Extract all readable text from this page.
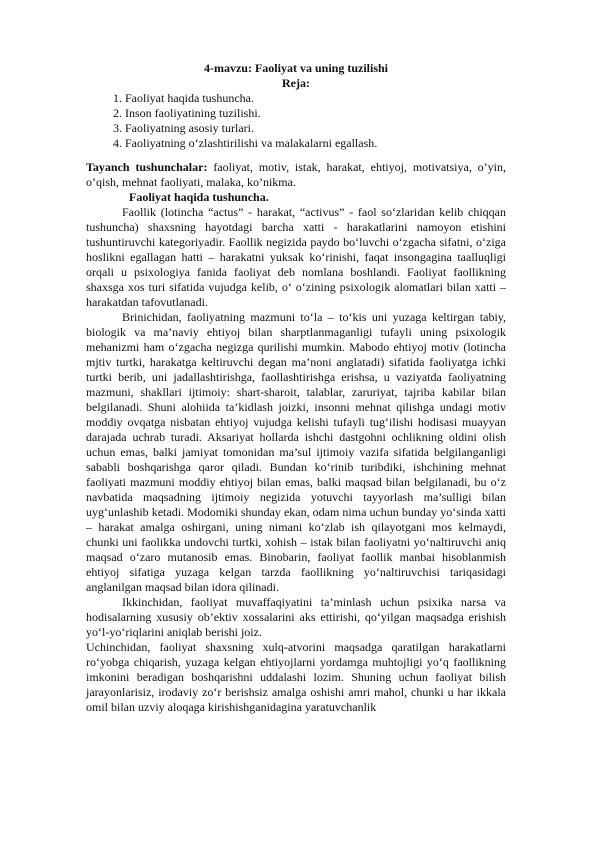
4-mavzu: Faoliyat va uning tuzilishi

Reja:

1. Faoliyat haqida tushuncha.
2. Inson faoliyatining tuzilishi.
3. Faoliyatning asosiy turlari.
4. Faoliyatning o‘zlashtirilishi va malakalarni egallash.

Tayanch tushunchalar: faoliyat, motiv, istak, harakat, ehtiyoj, motivatsiya, o’yin, o’qish, mehnat faoliyati, malaka, ko’nikma.

Faoliyat haqida tushuncha.

Faollik (lotincha “actus” - harakat, “activus” - faol so‘zlaridan kelib chiqqan tushuncha) shaxsning hayotdagi barcha xatti - harakatlarini namoyon etishini tushuntiruvchi kategoriyadir. Faollik negizida paydo bo‘luvchi o‘zgacha sifatni, o‘ziga hoslikni egallagan hatti – harakatni yuksak ko‘rinishi, faqat insongagina taalluqligi orqali u psixologiya fanida faoliyat deb nomlana boshlandi. Faoliyat faollikning shaxsga xos turi sifatida vujudga kelib, o‘ o‘zining psixologik alomatlari bilan xatti – harakatdan tafovutlanadi.

Brinichidan, faoliyatning mazmuni to‘la – to‘kis uni yuzaga keltirgan tabiy, biologik va ma’naviy ehtiyoj bilan sharptlanmaganligi tufayli uning psixologik mehanizmi ham o‘zgacha negizga qurilishi mumkin. Mabodo ehtiyoj motiv (lotincha mjtiv turtki, harakatga keltiruvchi degan ma’noni anglatadi) sifatida faoliyatga ichki turtki berib, uni jadallashtirishga, faollashtirishga erishsa, u vaziyatda faoliyatning mazmuni, shakllari ijtimoiy: shart-sharoit, talablar, zaruriyat, tajriba kabilar bilan belgilanadi. Shuni alohiida ta’kidlash joizki, insonni mehnat qilishga undagi motiv moddiy ovqatga nisbatan ehtiyoj vujudga kelishi tufayli tug‘ilishi hodisasi muayyan darajada uchrab turadi. Aksariyat hollarda ishchi dastgohni ochlikning oldini olish uchun emas, balki jamiyat tomonidan ma’sul ijtimoiy vazifa sifatida belgilanganligi sababli boshqarishga qaror qiladi. Bundan ko‘rinib turibdiki, ishchining mehnat faoliyati mazmuni moddiy ehtiyoj bilan emas, balki maqsad bilan belgilanadi, bu o‘z navbatida maqsadning ijtimoiy negizida yotuvchi tayyorlash ma’sulligi bilan uyg‘unlashib ketadi. Modomiki shunday ekan, odam nima uchun bunday yo‘sinda xatti – harakat amalga oshirgani, uning nimani ko‘zlab ish qilayotgani mos kelmaydi, chunki uni faolikka undovchi turtki, xohish – istak bilan faoliyatni yo‘naltiruvchi aniq maqsad o‘zaro mutanosib emas. Binobarin, faoliyat faollik manbai hisoblanmish ehtiyoj sifatiga yuzaga kelgan tarzda faollikning yo‘naltiruvchisi tariqasidagi anglanilgan maqsad bilan idora qilinadi.

Ikkinchidan, faoliyat muvaffaqiyatini ta’minlash uchun psixika narsa va hodisalarning xususiy ob’ektiv xossalarini aks ettirishi, qo‘yilgan maqsadga erishish yo‘l-yo‘riqlarini aniqlab berishi joiz.

Uchinchidan, faoliyat shaxsning xulq-atvorini maqsadga qaratilgan harakatlarni ro‘yobga chiqarish, yuzaga kelgan ehtiyojlarni yordamga muhtojligi yo‘q faollikning imkonini beradigan boshqarishni uddalashi lozim. Shuning uchun faoliyat bilish jarayonlarisiz, irodaviy zo‘r berishsiz amalga oshishi amri mahol, chunki u har ikkala omil bilan uzviy aloqaga kirishishganidagina yaratuvchanlik
